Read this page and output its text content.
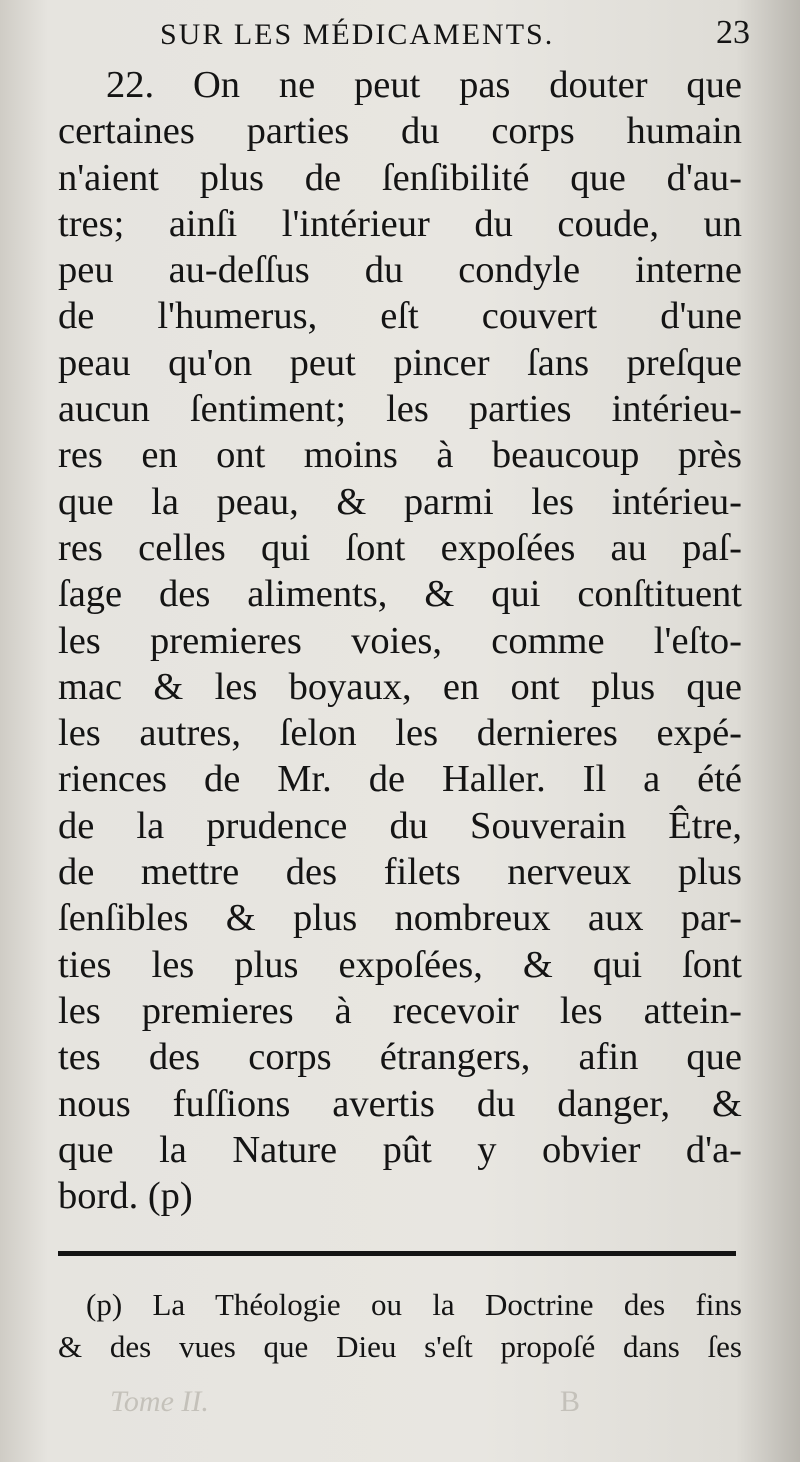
SUR LES MÉDICAMENTS.	23
22. On ne peut pas douter que
certaines parties du corps humain
n'aient plus de ſenſibilité que d'au-
tres; ainſi l'intérieur du coude, un
peu au-deſſus du condyle interne
de l'humerus, eſt couvert d'une
peau qu'on peut pincer ſans preſque
aucun ſentiment; les parties intérieu-
res en ont moins à beaucoup près
que la peau, & parmi les intérieu-
res celles qui ſont expoſées au paſ-
ſage des aliments, & qui conſtituent
les premieres voies, comme l'eſto-
mac & les boyaux, en ont plus que
les autres, ſelon les dernieres expé-
riences de Mr. de Haller. Il a été
de la prudence du Souverain Être,
de mettre des filets nerveux plus
ſenſibles & plus nombreux aux par-
ties les plus expoſées, & qui ſont
les premieres à recevoir les attein-
tes des corps étrangers, afin que
nous fuſſions avertis du danger, &
que la Nature pût y obvier d'a-
bord. (p)
(p) La Théologie ou la Doctrine des fins
& des vues que Dieu s'eſt propoſé dans ſes
Tome II.	B
